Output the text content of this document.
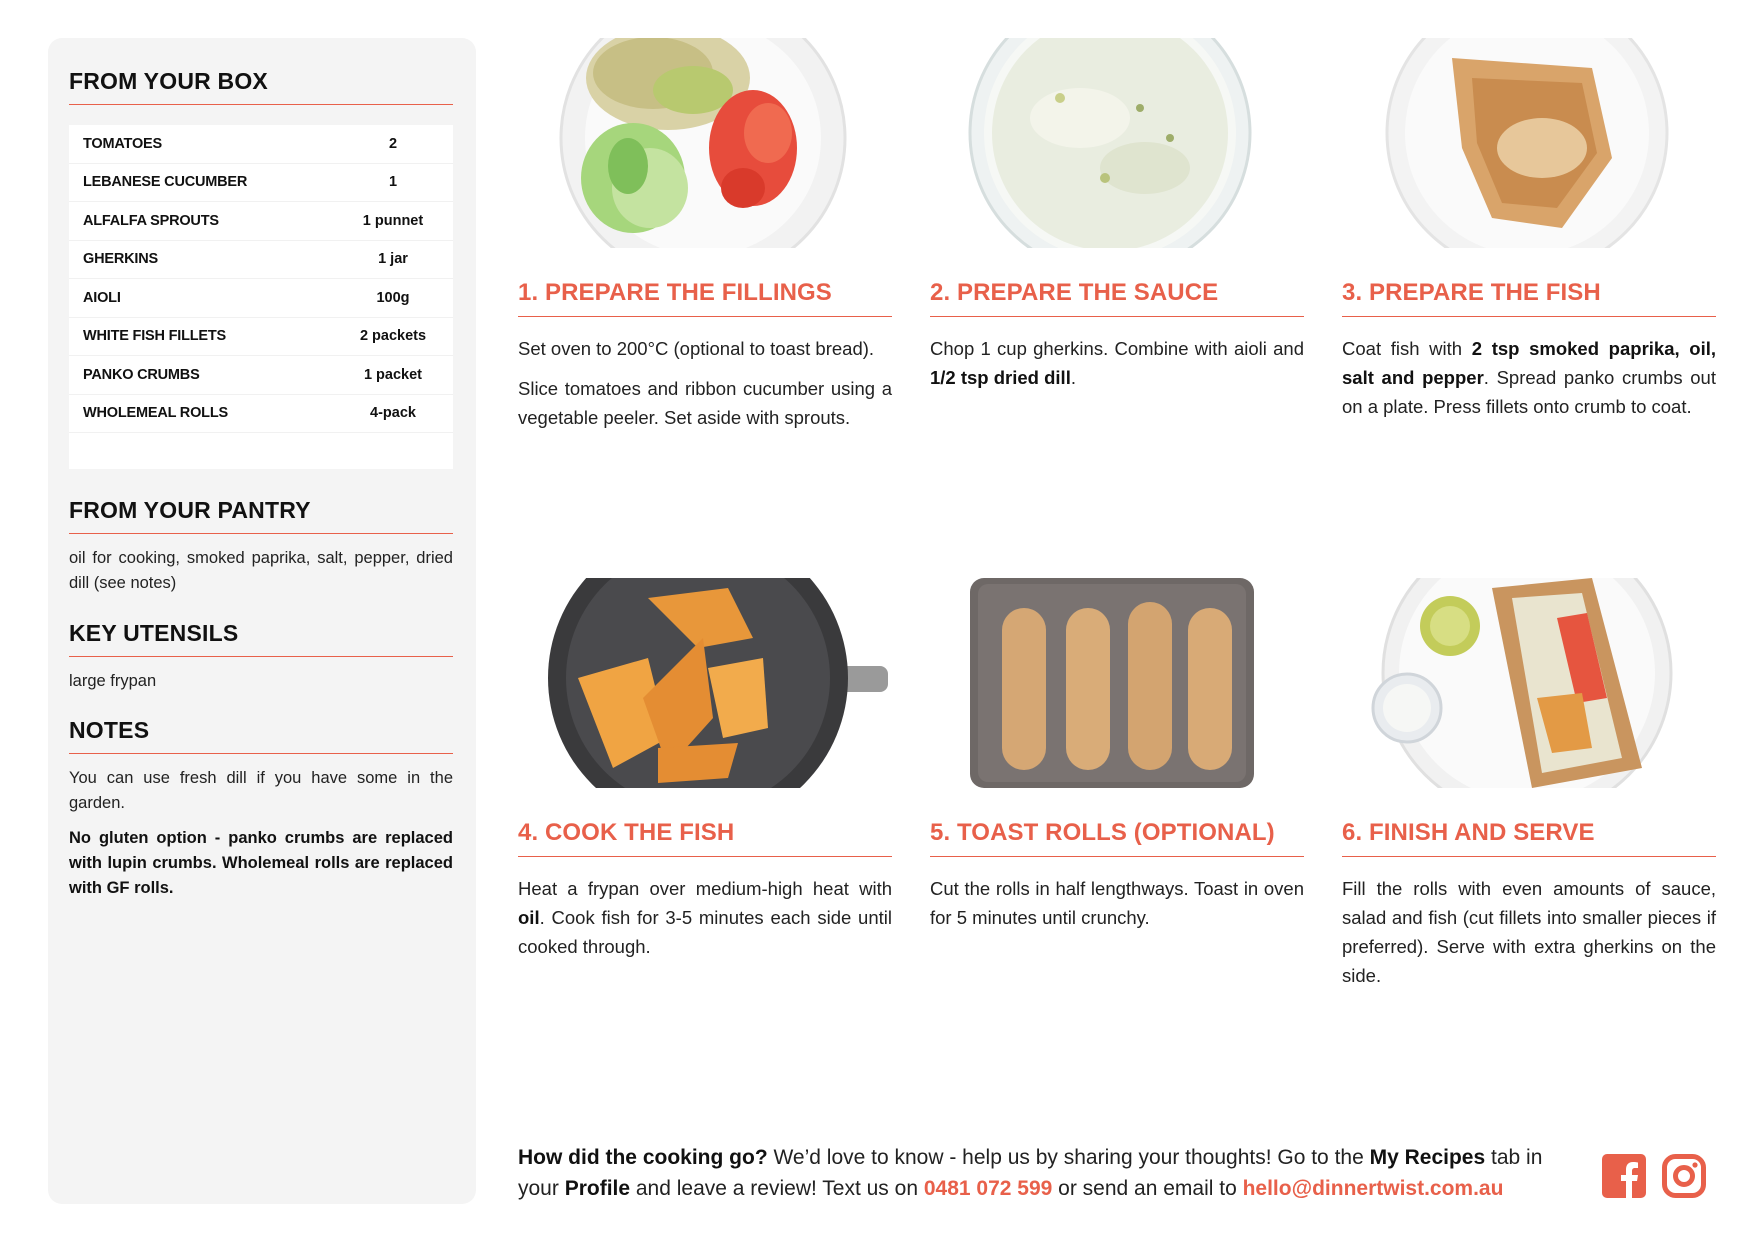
FROM YOUR BOX
TOMATOES	2
LEBANESE CUCUMBER	1
ALFALFA SPROUTS	1 punnet
GHERKINS	1 jar
AIOLI	100g
WHITE FISH FILLETS	2 packets
PANKO CRUMBS	1 packet
WHOLEMEAL ROLLS	4-pack
FROM YOUR PANTRY

oil for cooking, smoked paprika, salt, pepper, dried dill (see notes)

KEY UTENSILS

large frypan

NOTES

You can use fresh dill if you have some in the garden.

No gluten option - panko crumbs are replaced with lupin crumbs. Wholemeal rolls are replaced with GF rolls.

1. PREPARE THE FILLINGS

Set oven to 200°C (optional to toast bread).

Slice tomatoes and ribbon cucumber using a vegetable peeler. Set aside with sprouts.

2. PREPARE THE SAUCE

Chop 1 cup gherkins. Combine with aioli and 1/2 tsp dried dill.

3. PREPARE THE FISH

Coat fish with 2 tsp smoked paprika, oil, salt and pepper. Spread panko crumbs out on a plate. Press fillets onto crumb to coat.

4. COOK THE FISH

Heat a frypan over medium-high heat with oil. Cook fish for 3-5 minutes each side until cooked through.

5. TOAST ROLLS (OPTIONAL)

Cut the rolls in half lengthways. Toast in oven for 5 minutes until crunchy.

6. FINISH AND SERVE

Fill the rolls with even amounts of sauce, salad and fish (cut fillets into smaller pieces if preferred). Serve with extra gherkins on the side.

How did the cooking go? We’d love to know - help us by sharing your thoughts! Go to the My Recipes tab in your Profile and leave a review! Text us on 0481 072 599 or send an email to hello@dinnertwist.com.au
